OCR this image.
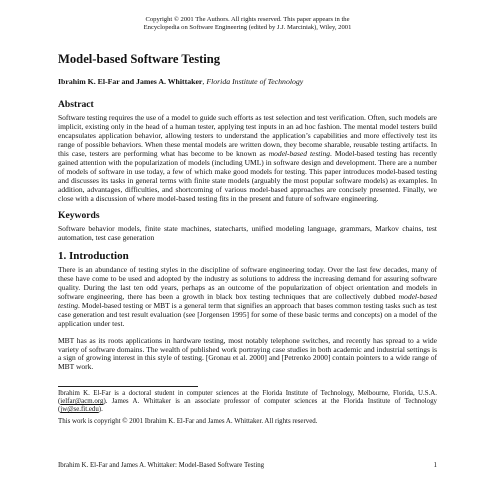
Copyright © 2001 The Authors. All rights reserved. This paper appears in the
Encyclopedia on Software Engineering (edited by J.J. Marciniak), Wiley, 2001
Model-based Software Testing
Ibrahim K. El-Far and James A. Whittaker, Florida Institute of Technology
Abstract

Software testing requires the use of a model to guide such efforts as test selection and test verification. Often, such models are implicit, existing only in the head of a human tester, applying test inputs in an ad hoc fashion. The mental model testers build encapsulates application behavior, allowing testers to understand the application’s capabilities and more effectively test its range of possible behaviors. When these mental models are written down, they become sharable, reusable testing artifacts. In this case, testers are performing what has become to be known as model-based testing. Model-based testing has recently gained attention with the popularization of models (including UML) in software design and development. There are a number of models of software in use today, a few of which make good models for testing. This paper introduces model-based testing and discusses its tasks in general terms with finite state models (arguably the most popular software models) as examples. In addition, advantages, difficulties, and shortcoming of various model-based approaches are concisely presented. Finally, we close with a discussion of where model-based testing fits in the present and future of software engineering.

Keywords

Software behavior models, finite state machines, statecharts, unified modeling language, grammars, Markov chains, test automation, test case generation

1. Introduction

There is an abundance of testing styles in the discipline of software engineering today. Over the last few decades, many of these have come to be used and adopted by the industry as solutions to address the increasing demand for assuring software quality. During the last ten odd years, perhaps as an outcome of the popularization of object orientation and models in software engineering, there has been a growth in black box testing techniques that are collectively dubbed model-based testing. Model-based testing or MBT is a general term that signifies an approach that bases common testing tasks such as test case generation and test result evaluation (see [Jorgensen 1995] for some of these basic terms and concepts) on a model of the application under test.

MBT has as its roots applications in hardware testing, most notably telephone switches, and recently has spread to a wide variety of software domains. The wealth of published work portraying case studies in both academic and industrial settings is a sign of growing interest in this style of testing. [Gronau et al. 2000] and [Petrenko 2000] contain pointers to a wide range of MBT work.

Ibrahim K. El-Far is a doctoral student in computer sciences at the Florida Institute of Technology, Melbourne, Florida, U.S.A. (ielfar@acm.org). James A. Whittaker is an associate professor of computer sciences at the Florida Institute of Technology (jw@se.fit.edu).

This work is copyright © 2001 Ibrahim K. El-Far and James A. Whittaker. All rights reserved.

Ibrahim K. El-Far and James A. Whittaker: Model-Based Software Testing	1
